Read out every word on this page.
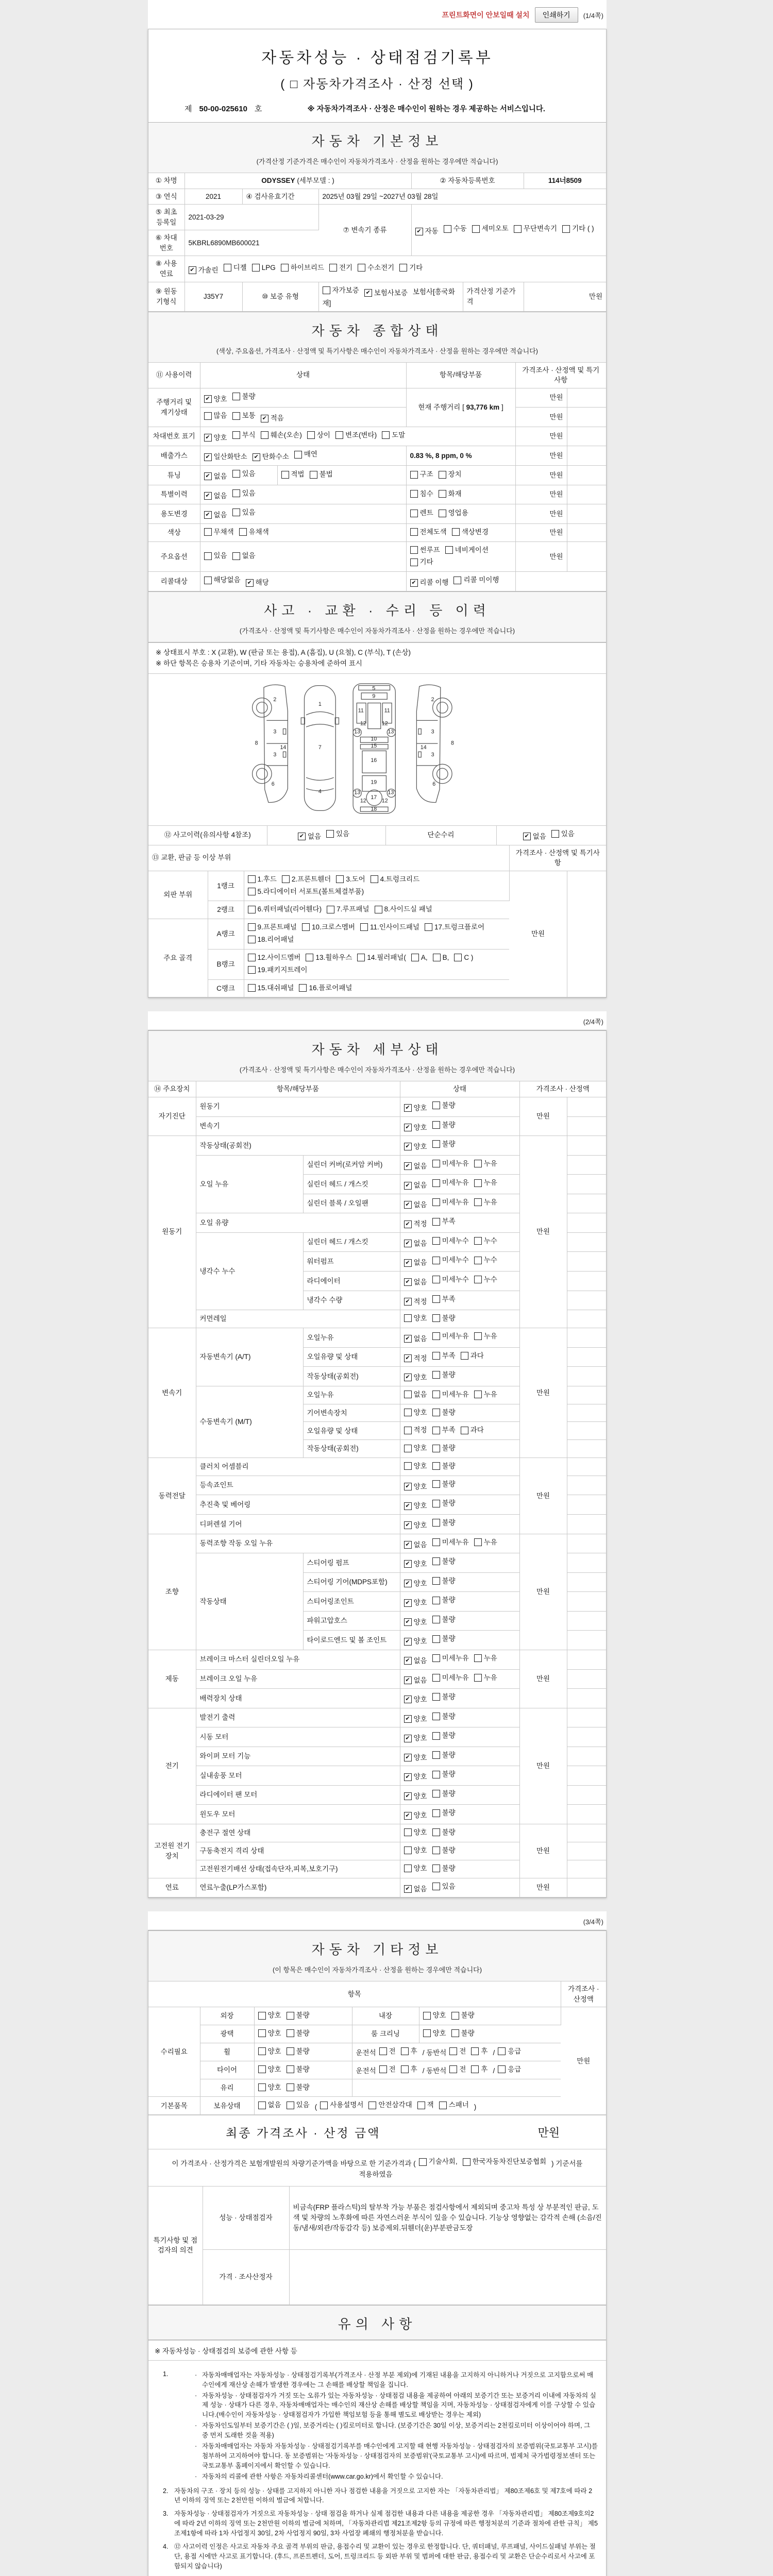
프린트화면이 안보일때 설치	인쇄하기	(1/4쪽)
자동차성능 · 상태점검기록부
( □ 자동차가격조사 · 산정 선택 )
제 50-00-025610 호	※ 자동차가격조사 · 산정은 매수인이 원하는 경우 제공하는 서비스입니다.
자동차 기본정보
(가격산정 기준가격은 매수인이 자동차가격조사 · 산정을 원하는 경우에만 적습니다)
① 차명	ODYSSEY (세부모델 : )			② 자동차등록번호		114너8509
③ 연식	2021	④ 검사유효기간	2025년 03월 29일 ~2027년 03월 28일			
⑤ 최초 등록일	2021-03-29	⑦ 변속기 종류	✔ 자동 수동 세미오토 무단변속기 기타 ( )

⑥ 차대 번호	5KBRL6890MB600021					
⑧ 사용 연료	✔ 가솔린 디젤 LPG 하이브리드 전기 수소전기 기타

⑨ 원동 기형식	J35Y7	⑩ 보증 유형	자가보증 ✔ 보험사보증 보험사[흥국화재]		가격산정 기준가격	만원
자동차 종합상태
(색상, 주요옵션, 가격조사 · 산정액 및 특기사항은 매수인이 자동차가격조사 · 산정을 원하는 경우에만 적습니다)
⑪ 사용이력	상태		항목/해당부품	가격조사 · 산정액 및 특기사항	
주행거리 및 계기상태	✔ 양호 불량		현재 주행거리 [ 93,776 km ]	만원	

	많음 보통 ✔ 적음			만원	
차대번호 표기	✔ 양호 부식 훼손(오손) 상이 변조(변타) 도말	만원	
배출가스	✔ 일산화탄소 ✔ 탄화수소 매연		0.83 %, 8 ppm, 0 %	만원	
튜닝	✔ 없음 있음	적법 불법	구조 장치	만원	
특별이력	✔ 없음 있음		침수 화재	만원	
용도변경	✔ 없음 있음		렌트 영업용	만원	
색상	무채색 유채색		전체도색 색상변경	만원	
주요옵션	있음 없음		썬루프 네비게이션
기타	만원	
리콜대상	해당없음 ✔ 해당		✔ 리콜 이행 리콜 미이행		

사고 · 교환 · 수리 등 이력
(가격조사 · 산정액 및 특기사항은 매수인이 자동차가격조사 · 산정을 원하는 경우에만 적습니다)
※ 상태표시 부호 : X (교환), W (판금 또는 용접), A (흠집), U (요철), C (부식), T (손상)
※ 하단 항목은 승용차 기준이며, 기타 자동차는 승용차에 준하여 표시
2
3
8
14
3
6
1
7
4
5
9
11	11
12	12
13	13
10
15
16
19
13	13
12	12
17
18
2
3
8
14
3
6
⑫ 사고이력(유의사항 4참조)	✔ 없음 있음	단순수리	✔ 없음 있음
⑬ 교환, 판금 등 이상 부위			가격조사 · 산정액 및 특기사항	
외판 부위	1랭크	1.후드 2.프론트휀더 3.도어 4.트렁크리드
5.라디에이터 서포트(볼트체결부품)	만원	
	2랭크	6.쿼터패널(리어휀다) 7.루프패널 8.사이드실 패널		

주요 골격	A랭크	9.프론트패널 10.크로스멤버 11.인사이드패널 17.트렁크플로어
18.리어패널		

B랭크	
12.사이드멤버 13.휠하우스 14.필러패널( A, B, C )
19.패키지트레이

	C랭크	15.대쉬패널 16.플로어패널		
(2/4쪽)
자동차 세부상태
(가격조사 · 산정액 및 특기사항은 매수인이 자동차가격조사 · 산정을 원하는 경우에만 적습니다)
⑭ 주요장치	항목/해당부품		상태	가격조사 · 산정액	
자기진단	원동기		✔ 양호 불량	만원	
	변속기		✔ 양호 불량		

원동기	작동상태(공회전)		✔ 양호 불량	만원	
	오일 누유	실린더 커버(로커암 커버)	✔ 없음 미세누유 누유		

		실린더 헤드 / 개스킷	✔ 없음 미세누유 누유		

		실린더 블록 / 오일팬	✔ 없음 미세누유 누유		

	오일 유량		✔ 적정 부족		

	냉각수 누수	실린더 헤드 / 개스킷	✔ 없음 미세누수 누수		

		워터펌프	✔ 없음 미세누수 누수		

		라디에이터	✔ 없음 미세누수 누수		

		냉각수 수량	✔ 적정 부족		

	커먼레일		양호 불량		

변속기	자동변속기 (A/T)	오일누유	✔ 없음 미세누유 누유	만원	
		오일유량 및 상태	✔ 적정 부족 과다		

		작동상태(공회전)	✔ 양호 불량		

	수동변속기 (M/T)	오일누유	없음 미세누유 누유		

		기어변속장치	양호 불량		

		오일유량 및 상태	적정 부족 과다		

		작동상태(공회전)	양호 불량		

동력전달	클러치 어셈블리		양호 불량	만원	
	등속죠인트		✔ 양호 불량		

	추진축 및 베어링		✔ 양호 불량		

	디퍼렌셜 기어		✔ 양호 불량		

조향	동력조향 작동 오일 누유		✔ 없음 미세누유 누유	만원	
	작동상태	스티어링 펌프	✔ 양호 불량		

		스티어링 기어(MDPS포함)	✔ 양호 불량		

		스티어링조인트	✔ 양호 불량		

		파워고압호스	✔ 양호 불량		

		타이로드엔드 및 볼 조인트	✔ 양호 불량		

제동	브레이크 마스터 실린더오일 누유		✔ 없음 미세누유 누유	만원	
	브레이크 오일 누유		✔ 없음 미세누유 누유		

	배력장치 상태		✔ 양호 불량		

전기	발전기 출력		✔ 양호 불량	만원	
	시동 모터		✔ 양호 불량		

	와이퍼 모터 기능		✔ 양호 불량		

	실내송풍 모터		✔ 양호 불량		

	라디에이터 팬 모터		✔ 양호 불량		

	윈도우 모터		✔ 양호 불량		

고전원 전기장치	충전구 절연 상태		양호 불량	만원	
	구동축전지 격리 상태		양호 불량		

	고전원전기배선 상태(접속단자,피복,보호기구)		양호 불량		

연료	연료누출(LP가스포함)		✔ 없음 있음	만원	
(3/4쪽)
자동차 기타정보
(이 항목은 매수인이 자동차가격조사 · 산정을 원하는 경우에만 적습니다)
항목					가격조사 · 산정액
수리필요	외장	양호 불량	내장	양호 불량	만원
	광택	양호 불량	룸 크리닝	양호 불량	

휠	양호 불량	운전석 전 후 / 동반석 전 후 / 응급

타이어	양호 불량	운전석 전 후 / 동반석 전 후 / 응급

	유리	양호 불량			

기본품목	보유상태	없음 있음 ( 사용설명서 안전삼각대 잭 스패너 )
최종 가격조사 · 산정 금액	만원
이 가격조사 · 산정가격은 보험개발원의 차량기준가액을 바탕으로 한 기준가격과 ( 기술사회, 한국자동차진단보증협회 ) 기준서를 적용하였음
특기사항 및 점검자의 의견	성능 · 상태점검자	비금속(FRP 플라스틱)의 탈부착 가능 부품은 점검사항에서 제외되며 중고차 특성 상 부분적인 판금, 도색 및 차량의 노후화에 따른 자연스러운 부식이 있을 수 있습니다. 기능상 영향없는 감각적 손해 (소음/진동/냄새/외관/작동감각 등) 보증제외.뒤휀더(운)부분판금도장
	가격 · 조사산정자	
유의 사항
※ 자동차성능 · 상태점검의 보증에 관한 사항 등
1.	· 자동차매매업자는 자동차성능 · 상태점검기록부(가격조사 · 산정 부분 제외)에 기재된 내용을 고지하지 아니하거나 거짓으로 고지함으로써 매수인에게 재산상 손해가 발생한 경우에는 그 손해를 배상할 책임을 집니다.
· 자동차성능 · 상태점검자가 거짓 또는 오류가 있는 자동차성능 · 상태점검 내용을 제공하여 아래의 보증기간 또는 보증거리 이내에 자동차의 실제 성능 · 상태가 다른 경우, 자동차매매업자는 매수인의 재산상 손해를 배상할 책임을 지며, 자동차성능 · 상태점검자에게 이를 구상할 수 있습니다.(매수인이 자동차성능 · 상태점검자가 가입한 책임보험 등을 통해 별도로 배상받는 경우는 제외)
· 자동차인도일부터 보증기간은 ( )일, 보증거리는 ( )킬로미터로 합니다. (보증기간은 30일 이상, 보증거리는 2천킬로미터 이상이어야 하며, 그 중 먼저 도래한 것을 적용)
· 자동차매매업자는 자동차 자동차성능 · 상태점검기록부를 매수인에게 고지할 때 현행 자동차성능 · 상태점검자의 보증범위(국토교통부 고시)를 첨부하여 고지하여야 합니다. 동 보증범위는 '자동차성능 · 상태점검자의 보증범위'(국토교통부 고시)에 따르며, 법제처 국가법령정보센터 또는 국토교통부 홈페이지에서 확인할 수 있습니다.
· 자동차의 리콜에 관한 사항은 자동차리콜센터(www.car.go.kr)에서 확인할 수 있습니다.
2. 자동차의 구조 · 장치 등의 성능 · 상태를 고지하지 아니한 자나 점검한 내용을 거짓으로 고지한 자는 「자동차관리법」 제80조제6호 및 제7호에 따라 2년 이하의 징역 또는 2천만원 이하의 벌금에 처합니다.
3. 자동차성능 · 상태점검자가 거짓으로 자동차성능 · 상태 점검을 하거나 실제 점검한 내용과 다른 내용을 제공한 경우 「자동차관리법」 제80조제9호의2에 따라 2년 이하의 징역 또는 2천만원 이하의 벌금에 처하며, 「자동차관리법 제21조제2항 등의 규정에 따른 행정처분의 기준과 절차에 관한 규칙」 제5조제1항에 따라 1차 사업정지 30일, 2차 사업정지 90일, 3차 사업장 폐쇄의 행정처분을 받습니다.
4. ⑫ 사고이력 인정은 사고로 자동차 주요 골격 부위의 판금, 용접수리 및 교환이 있는 경우로 한정합니다. 단, 쿼터패널, 루프패널, 사이드실패널 부위는 절단, 용접 시에만 사고로 표기합니다. (후드, 프론트펜더, 도어, 트렁크리드 등 외판 부위 및 범퍼에 대한 판금, 용접수리 및 교환은 단순수리로서 사고에 포함되지 않습니다)
